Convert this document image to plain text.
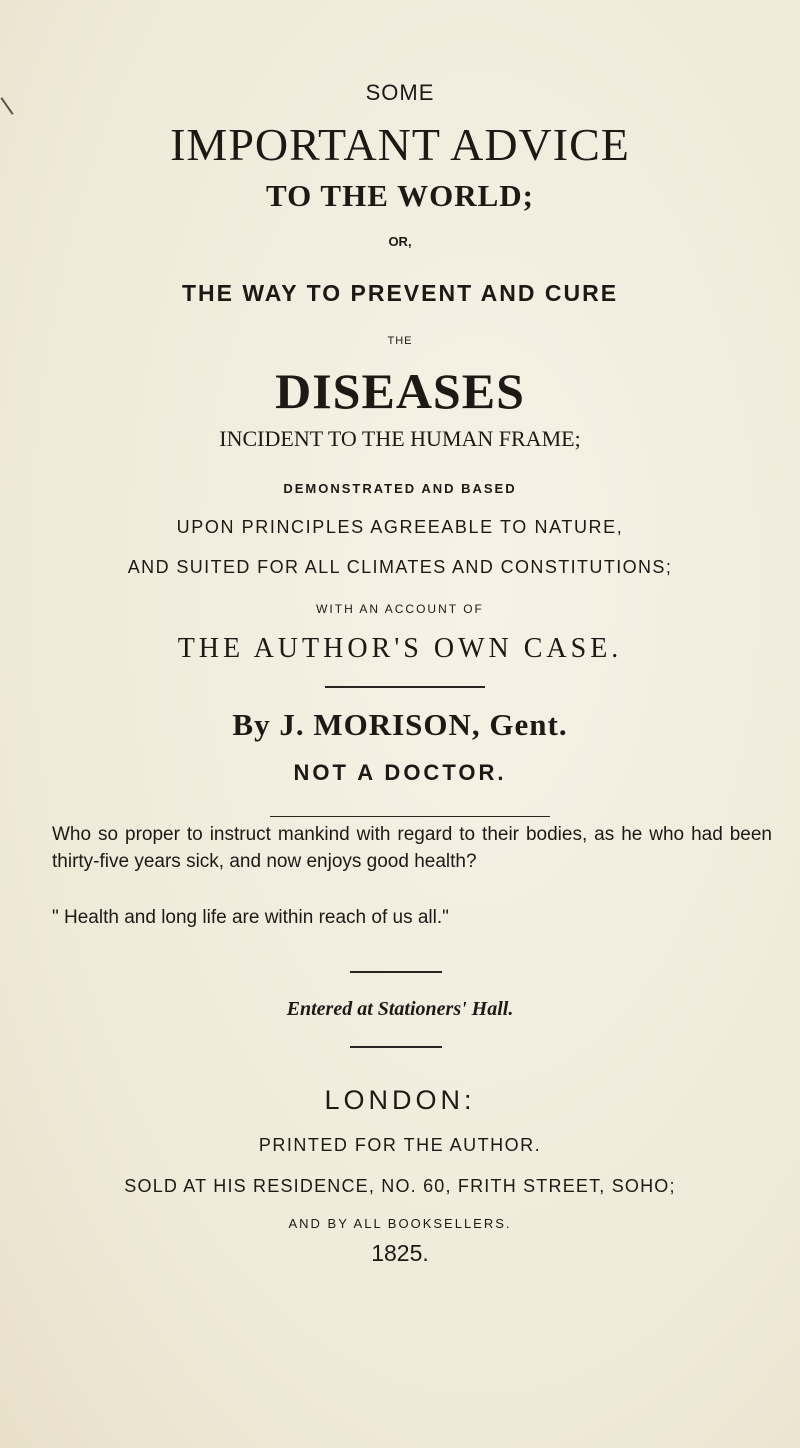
SOME
IMPORTANT ADVICE
TO THE WORLD;
OR,
THE WAY TO PREVENT AND CURE
THE
DISEASES
INCIDENT TO THE HUMAN FRAME;
DEMONSTRATED AND BASED
UPON PRINCIPLES AGREEABLE TO NATURE,
AND SUITED FOR ALL CLIMATES AND CONSTITUTIONS;
WITH AN ACCOUNT OF
THE AUTHOR'S OWN CASE.
By J. MORISON, Gent.
NOT A DOCTOR.
Who so proper to instruct mankind with regard to their bodies, as he who had been thirty-five years sick, and now enjoys good health?
" Health and long life are within reach of us all."
Entered at Stationers' Hall.
LONDON:
PRINTED FOR THE AUTHOR.
SOLD AT HIS RESIDENCE, NO. 60, FRITH STREET, SOHO;
AND BY ALL BOOKSELLERS.
1825.
